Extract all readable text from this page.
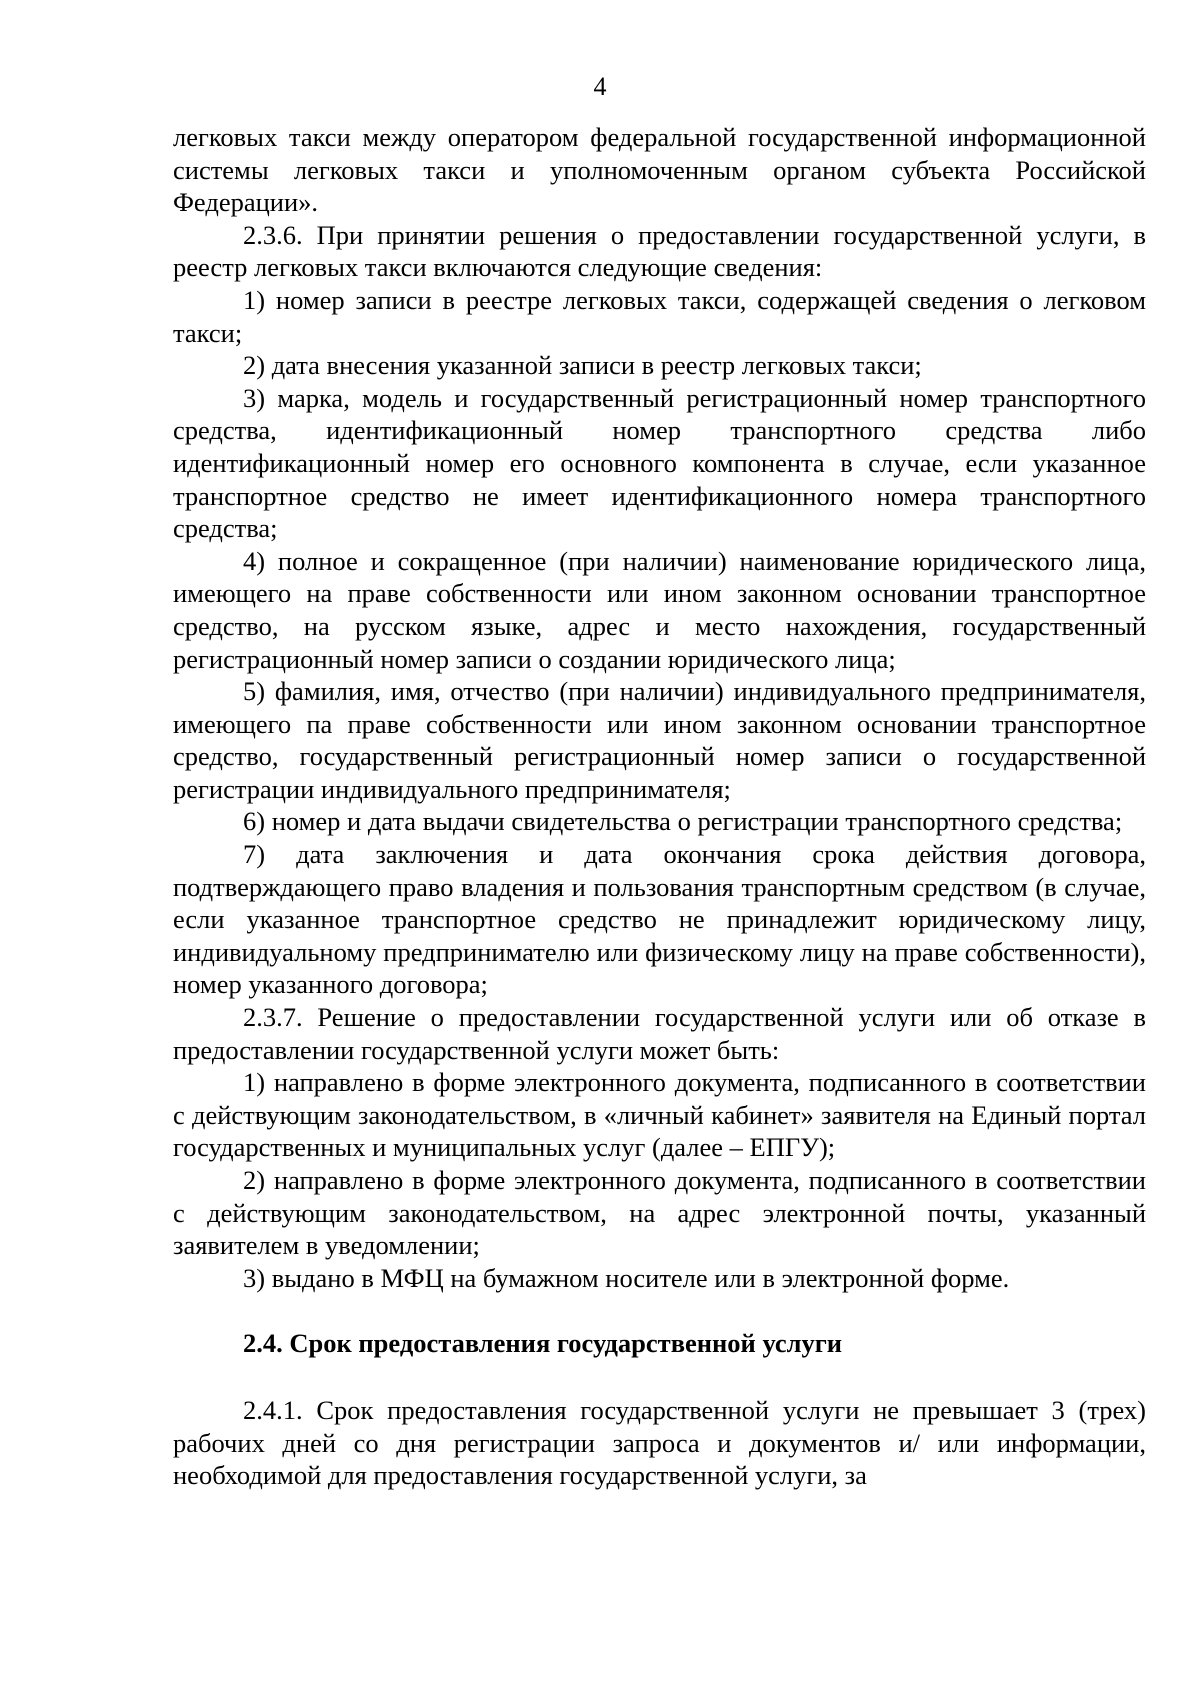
4

легковых такси между оператором федеральной государственной информационной системы легковых такси и уполномоченным органом субъекта Российской Федерации».

2.3.6. При принятии решения о предоставлении государственной услуги, в реестр легковых такси включаются следующие сведения:

1) номер записи в реестре легковых такси, содержащей сведения о легковом такси;

2) дата внесения указанной записи в реестр легковых такси;

3) марка, модель и государственный регистрационный номер транспортного средства, идентификационный номер транспортного средства либо идентификационный номер его основного компонента в случае, если указанное транспортное средство не имеет идентификационного номера транспортного средства;

4) полное и сокращенное (при наличии) наименование юридического лица, имеющего на праве собственности или ином законном основании транспортное средство, на русском языке, адрес и место нахождения, государственный регистрационный номер записи о создании юридического лица;

5) фамилия, имя, отчество (при наличии) индивидуального предпринимателя, имеющего па праве собственности или ином законном основании транспортное средство, государственный регистрационный номер записи о государственной регистрации индивидуального предпринимателя;

6) номер и дата выдачи свидетельства о регистрации транспортного средства;

7) дата заключения и дата окончания срока действия договора, подтверждающего право владения и пользования транспортным средством (в случае, если указанное транспортное средство не принадлежит юридическому лицу, индивидуальному предпринимателю или физическому лицу на праве собственности), номер указанного договора;

2.3.7. Решение о предоставлении государственной услуги или об отказе в предоставлении государственной услуги может быть:

1) направлено в форме электронного документа, подписанного в соответствии с действующим законодательством, в «личный кабинет» заявителя на Единый портал государственных и муниципальных услуг (далее – ЕПГУ);

2) направлено в форме электронного документа, подписанного в соответствии с действующим законодательством, на адрес электронной почты, указанный заявителем в уведомлении;

3) выдано в МФЦ на бумажном носителе или в электронной форме.

2.4. Срок предоставления государственной услуги

2.4.1. Срок предоставления государственной услуги не превышает 3 (трех) рабочих дней со дня регистрации запроса и документов и/ или информации, необходимой для предоставления государственной услуги, за
